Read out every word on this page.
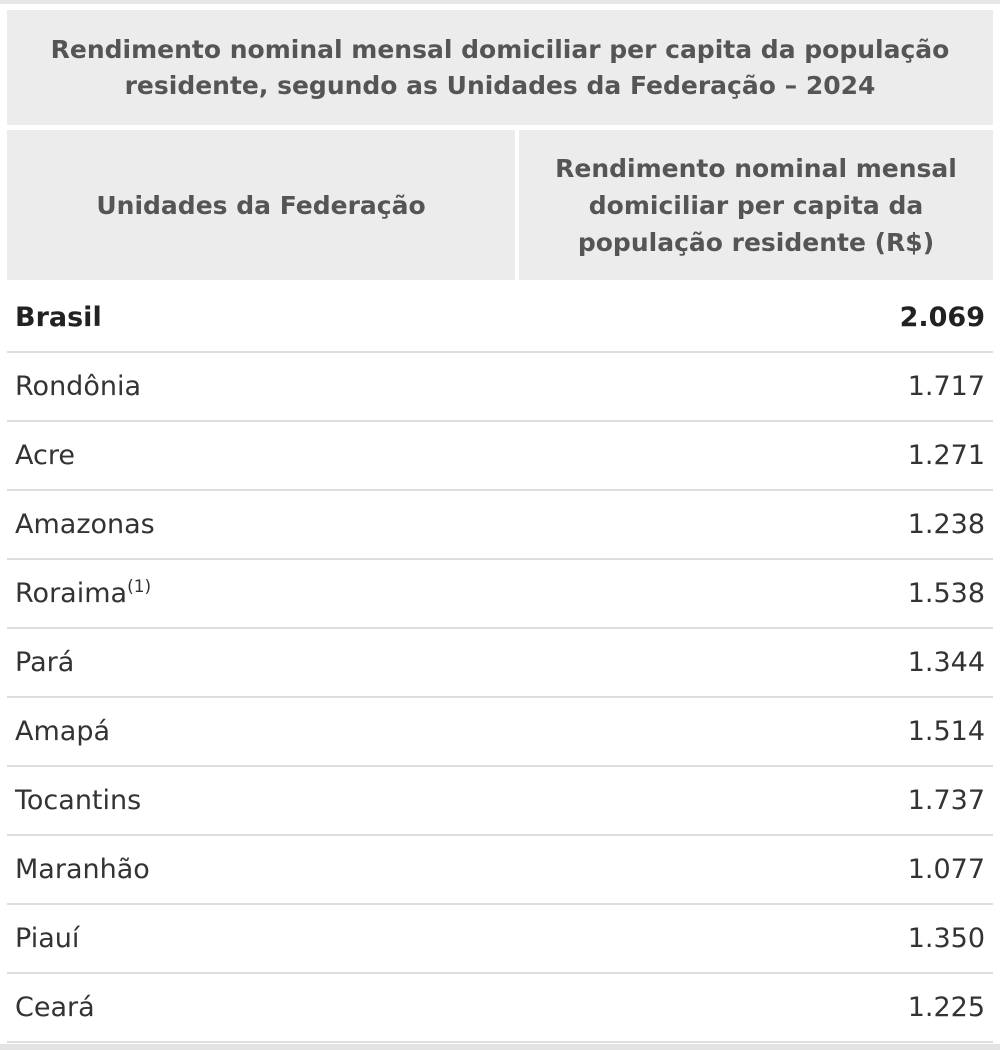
Rendimento nominal mensal domiciliar per capita da população
residente, segundo as Unidades da Federação – 2024
Unidades da Federação
Rendimento nominal mensal
domiciliar per capita da
população residente (R$)
Brasil	2.069
Rondônia	1.717
Acre	1.271
Amazonas	1.238
Roraima$^{(1)}$	1.538
Pará	1.344
Amapá	1.514
Tocantins	1.737
Maranhão	1.077
Piauí	1.350
Ceará	1.225
